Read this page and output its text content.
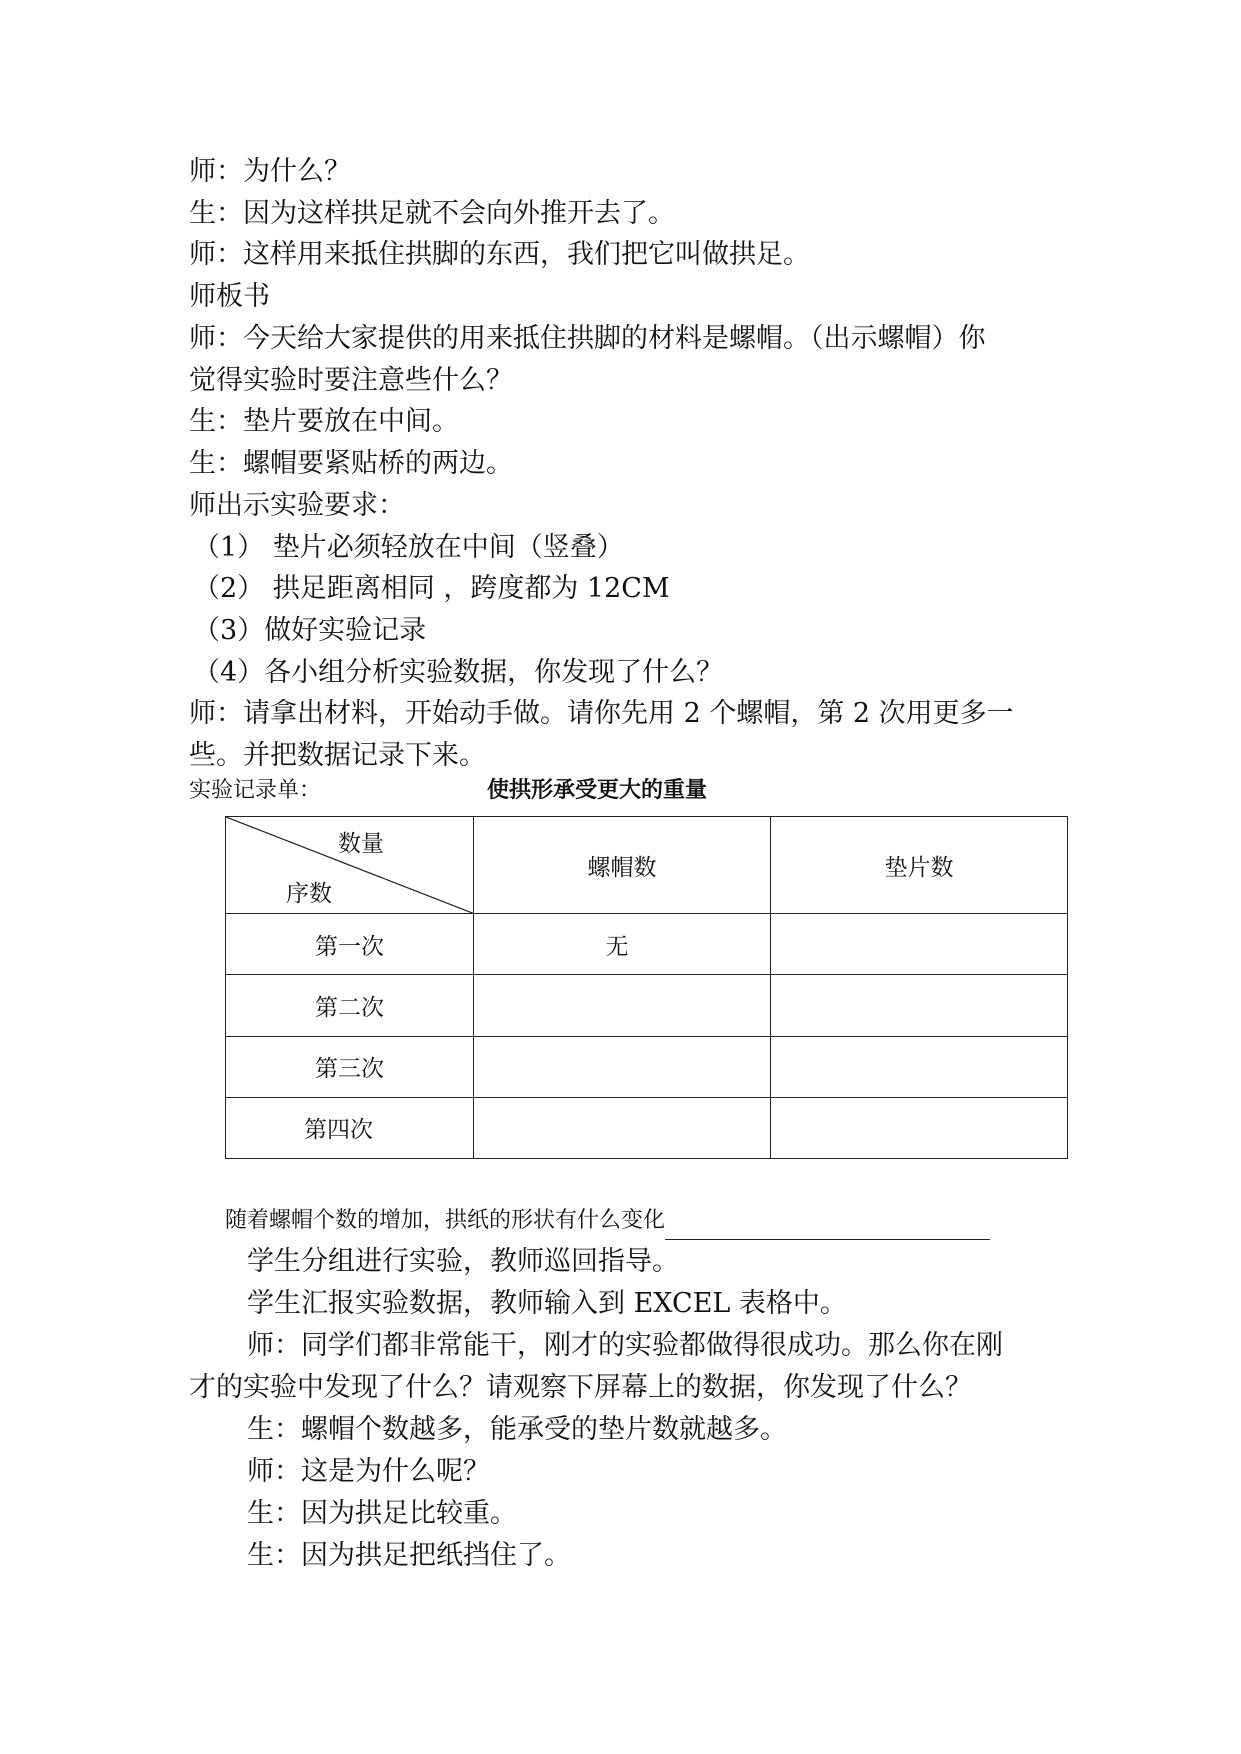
师：为什么？
生：因为这样拱足就不会向外推开去了。
师：这样用来抵住拱脚的东西，我们把它叫做拱足。
师板书
师：今天给大家提供的用来抵住拱脚的材料是螺帽。（出示螺帽）你
觉得实验时要注意些什么？
生：垫片要放在中间。
生：螺帽要紧贴桥的两边。
师出示实验要求：
（1） 垫片必须轻放在中间（竖叠）
（2） 拱足距离相同 ，跨度都为 12CM
（3）做好实验记录
（4）各小组分析实验数据，你发现了什么？
师：请拿出材料，开始动手做。请你先用 2 个螺帽，第 2 次用更多一
些。并把数据记录下来。
实验记录单：	使拱形承受更大的重量
数量
序数	螺帽数	垫片数
第一次	无	
第二次		
第三次		
第四次		
随着螺帽个数的增加，拱纸的形状有什么变化
学生分组进行实验，教师巡回指导。
学生汇报实验数据，教师输入到 EXCEL 表格中。
师：同学们都非常能干，刚才的实验都做得很成功。那么你在刚
才的实验中发现了什么？请观察下屏幕上的数据，你发现了什么？
生：螺帽个数越多，能承受的垫片数就越多。
师：这是为什么呢？
生：因为拱足比较重。
生：因为拱足把纸挡住了。
